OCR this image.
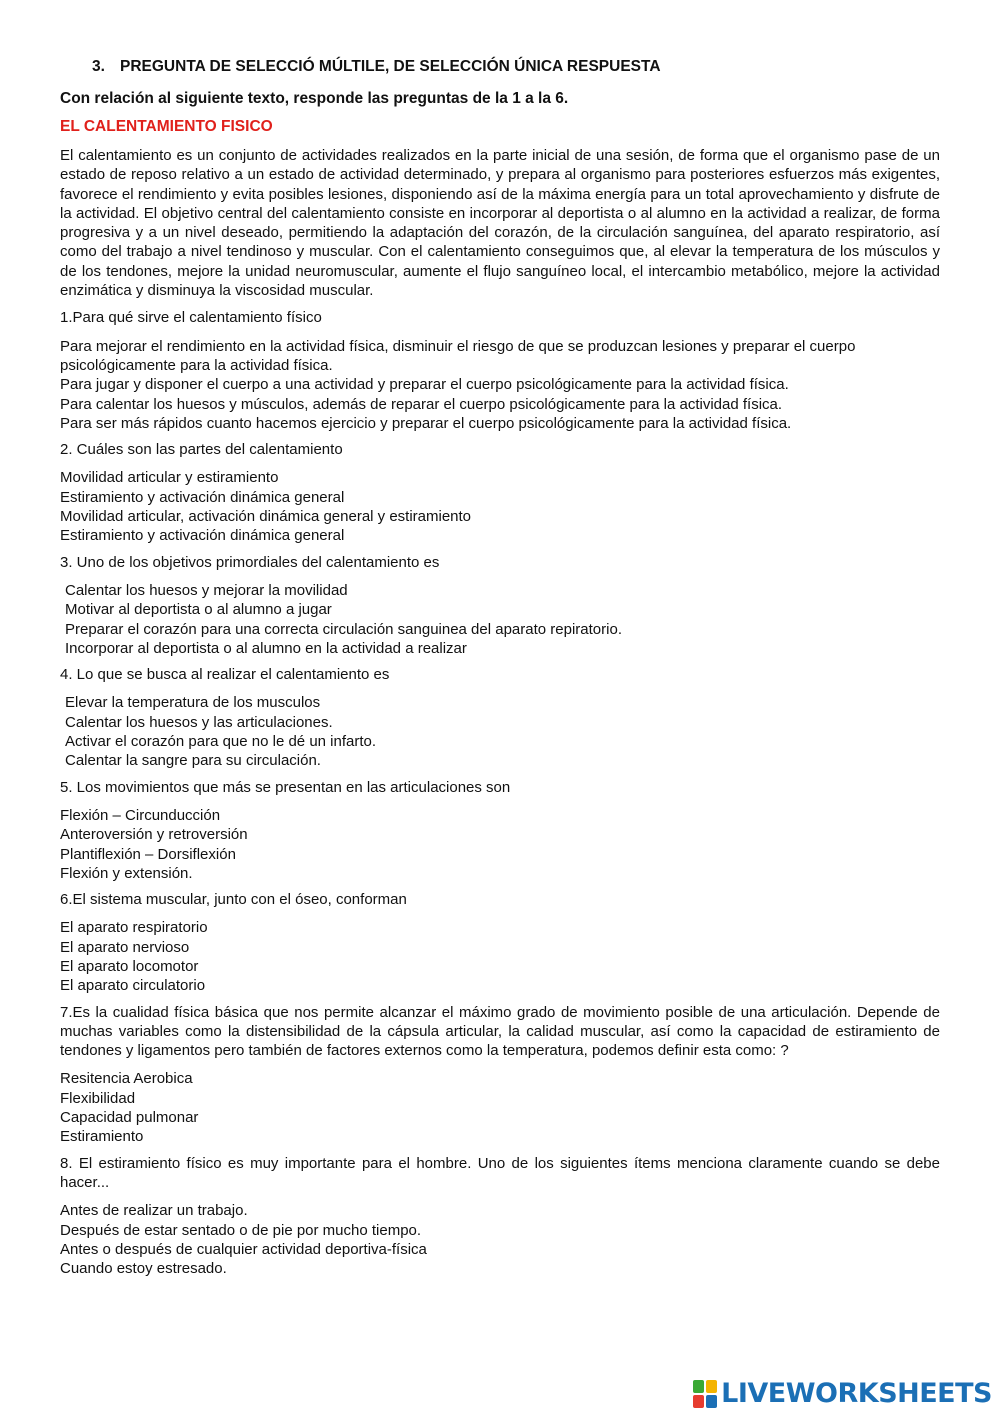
3. PREGUNTA DE SELECCIÓ MÚLTILE, DE SELECCIÓN ÚNICA RESPUESTA
Con relación al siguiente texto, responde las preguntas de la 1 a la 6.
EL CALENTAMIENTO FISICO
El calentamiento es un conjunto de actividades realizados en la parte inicial de una sesión, de forma que el organismo pase de un estado de reposo relativo a un estado de actividad determinado, y prepara al organismo para posteriores esfuerzos más exigentes, favorece el rendimiento y evita posibles lesiones, disponiendo así de la máxima energía para un total aprovechamiento y disfrute de la actividad. El objetivo central del calentamiento consiste en incorporar al deportista o al alumno en la actividad a realizar, de forma progresiva y a un nivel deseado, permitiendo la adaptación del corazón, de la circulación sanguínea, del aparato respiratorio, así como del trabajo a nivel tendinoso y muscular. Con el calentamiento conseguimos que, al elevar la temperatura de los músculos y de los tendones, mejore la unidad neuromuscular, aumente el flujo sanguíneo local, el intercambio metabólico, mejore la actividad enzimática y disminuya la viscosidad muscular.
1.Para qué sirve el calentamiento físico
Para mejorar el rendimiento en la actividad física, disminuir el riesgo de que se produzcan lesiones y preparar el cuerpo psicológicamente para la actividad física.
Para jugar y disponer el cuerpo a una actividad y preparar el cuerpo psicológicamente para la actividad física.
Para calentar los huesos y músculos, además de reparar el cuerpo psicológicamente para la actividad física.
Para ser más rápidos cuanto hacemos ejercicio y preparar el cuerpo psicológicamente para la actividad física.
2. Cuáles son las partes del calentamiento
Movilidad articular y estiramiento
Estiramiento y activación dinámica general
Movilidad articular, activación dinámica general y estiramiento
Estiramiento y activación dinámica general
3. Uno de los objetivos primordiales del calentamiento es
Calentar los huesos y mejorar la movilidad
Motivar al deportista o al alumno a jugar
Preparar el corazón para una correcta circulación sanguinea del aparato repiratorio.
Incorporar al deportista o al alumno en la actividad a realizar
4. Lo que se busca al realizar el calentamiento es
Elevar la temperatura de los musculos
Calentar los huesos y las articulaciones.
Activar el corazón para que no le dé un infarto.
Calentar la sangre para su circulación.
5. Los movimientos que más se presentan en las articulaciones son
Flexión – Circunducción
Anteroversión y retroversión
Plantiflexión – Dorsiflexión
Flexión y extensión.
6.El sistema muscular, junto con el óseo, conforman
El aparato respiratorio
El aparato nervioso
El aparato locomotor
El aparato circulatorio
7.Es la cualidad física básica que nos permite alcanzar el máximo grado de movimiento posible de una articulación. Depende de muchas variables como la distensibilidad de la cápsula articular, la calidad muscular, así como la capacidad de estiramiento de tendones y ligamentos pero también de factores externos como la temperatura, podemos definir esta como: ?
Resitencia Aerobica
Flexibilidad
Capacidad pulmonar
Estiramiento
8. El estiramiento físico es muy importante para el hombre. Uno de los siguientes ítems menciona claramente cuando se debe hacer...
Antes de realizar un trabajo.
Después de estar sentado o de pie por mucho tiempo.
Antes o después de cualquier actividad deportiva-física
Cuando estoy estresado.
LIVEWORKSHEETS
